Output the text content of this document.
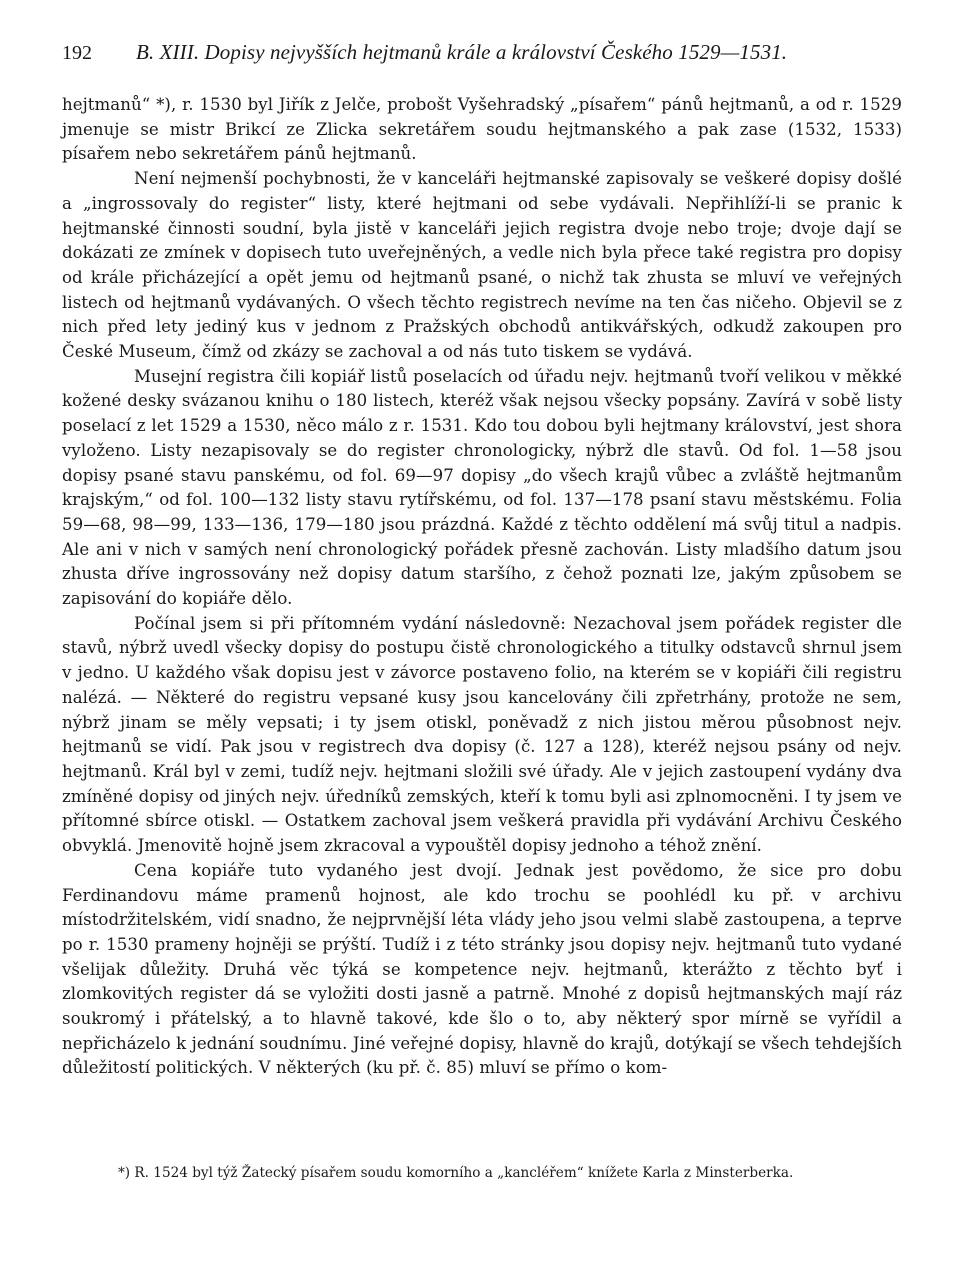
192 B. XIII. Dopisy nejvyšších hejtmanů krále a království Českého 1529—1531.

hejtmanů“ *), r. 1530 byl Jiřík z Jelče, probošt Vyšehradský „písařem“ pánů hejtmanů, a od r. 1529 jmenuje se mistr Brikcí ze Zlicka sekretářem soudu hejtmanského a pak zase (1532, 1533) písařem nebo sekretářem pánů hejtmanů.

Není nejmenší pochybnosti, že v kanceláři hejtmanské zapisovaly se veškeré dopisy došlé a „ingrossovaly do register“ listy, které hejtmani od sebe vydávali. Nepřihlíží-li se pranic k hejtmanské činnosti soudní, byla jistě v kanceláři jejich registra dvoje nebo troje; dvoje dají se dokázati ze zmínek v dopisech tuto uveřejněných, a vedle nich byla přece také registra pro dopisy od krále přicházející a opět jemu od hejtmanů psané, o nichž tak zhusta se mluví ve veřejných listech od hejtmanů vydávaných. O všech těchto registrech nevíme na ten čas ničeho. Objevil se z nich před lety jediný kus v jednom z Pražských obchodů antikvářských, odkudž zakoupen pro České Museum, čímž od zkázy se zachoval a od nás tuto tiskem se vydává.

Musejní registra čili kopiář listů poselacích od úřadu nejv. hejtmanů tvoří velikou v měkké kožené desky svázanou knihu o 180 listech, kteréž však nejsou všecky popsány. Zavírá v sobě listy poselací z let 1529 a 1530, něco málo z r. 1531. Kdo tou dobou byli hejtmany království, jest shora vyloženo. Listy nezapisovaly se do register chronologicky, nýbrž dle stavů. Od fol. 1—58 jsou dopisy psané stavu panskému, od fol. 69—97 dopisy „do všech krajů vůbec a zvláště hejtmanům krajským,“ od fol. 100—132 listy stavu rytířskému, od fol. 137—178 psaní stavu městskému. Folia 59—68, 98—99, 133—136, 179—180 jsou prázdná. Každé z těchto oddělení má svůj titul a nadpis. Ale ani v nich v samých není chronologický pořádek přesně zachován. Listy mladšího datum jsou zhusta dříve ingrossovány než dopisy datum staršího, z čehož poznati lze, jakým způsobem se zapisování do kopiáře dělo.

Počínal jsem si při přítomném vydání následovně: Nezachoval jsem pořádek register dle stavů, nýbrž uvedl všecky dopisy do postupu čistě chronologického a titulky odstavců shrnul jsem v jedno. U každého však dopisu jest v závorce postaveno folio, na kterém se v kopiáři čili registru nalézá. — Některé do registru vepsané kusy jsou kancelovány čili zpřetrhány, protože ne sem, nýbrž jinam se měly vepsati; i ty jsem otiskl, poněvadž z nich jistou měrou působnost nejv. hejtmanů se vidí. Pak jsou v registrech dva dopisy (č. 127 a 128), kteréž nejsou psány od nejv. hejtmanů. Král byl v zemi, tudíž nejv. hejtmani složili své úřady. Ale v jejich zastoupení vydány dva zmíněné dopisy od jiných nejv. úředníků zemských, kteří k tomu byli asi zplnomocněni. I ty jsem ve přítomné sbírce otiskl. — Ostatkem zachoval jsem veškerá pravidla při vydávání Archivu Českého obvyklá. Jmenovitě hojně jsem zkracoval a vypouštěl dopisy jednoho a téhož znění.

Cena kopiáře tuto vydaného jest dvojí. Jednak jest povědomo, že sice pro dobu Ferdinandovu máme pramenů hojnost, ale kdo trochu se poohlédl ku př. v archivu místodržitelském, vidí snadno, že nejprvnější léta vlády jeho jsou velmi slabě zastoupena, a teprve po r. 1530 prameny hojněji se prýští. Tudíž i z této stránky jsou dopisy nejv. hejtmanů tuto vydané všelijak důležity. Druhá věc týká se kompetence nejv. hejtmanů, kterážto z těchto byť i zlomkovitých register dá se vyložiti dosti jasně a patrně. Mnohé z dopisů hejtmanských mají ráz soukromý i přátelský, a to hlavně takové, kde šlo o to, aby některý spor mírně se vyřídil a nepřicházelo k jednání soudnímu. Jiné veřejné dopisy, hlavně do krajů, dotýkají se všech tehdejších důležitostí politických. V některých (ku př. č. 85) mluví se přímo o kom-

*) R. 1524 byl týž Žatecký písařem soudu komorního a „kancléřem“ knížete Karla z Minsterberka.
